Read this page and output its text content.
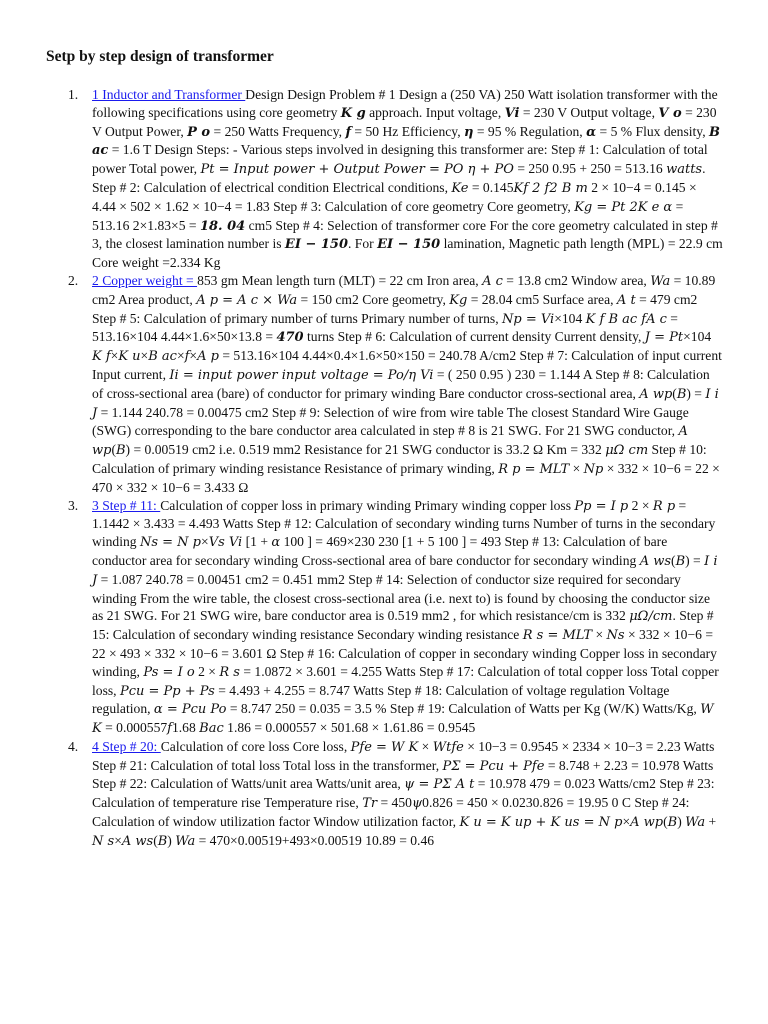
Setp by step design of transformer
1. 1 Inductor and Transformer Design Design Problem # 1 Design a (250 VA) 250 Watt isolation transformer with the following specifications using core geometry K g approach. Input voltage, Vi = 230 V Output voltage, V o = 230 V Output Power, P o = 250 Watts Frequency, f = 50 Hz Efficiency, η = 95 % Regulation, α = 5 % Flux density, B ac = 1.6 T Design Steps: - Various steps involved in designing this transformer are: Step # 1: Calculation of total power Total power, Pt = Input power + Output Power = PO η + PO = 250 0.95 + 250 = 513.16 watts. Step # 2: Calculation of electrical condition Electrical conditions, Ke = 0.145Kf 2 f2 B m 2 × 10−4 = 0.145 × 4.44 × 502 × 1.62 × 10−4 = 1.83 Step # 3: Calculation of core geometry Core geometry, Kg = Pt 2K e α = 513.16 2×1.83×5 = 18. 04 cm5 Step # 4: Selection of transformer core For the core geometry calculated in step # 3, the closest lamination number is EI − 150. For EI − 150 lamination, Magnetic path length (MPL) = 22.9 cm Core weight =2.334 Kg
2. 2 Copper weight = 853 gm Mean length turn (MLT) = 22 cm Iron area, A c = 13.8 cm2 Window area, Wa = 10.89 cm2 Area product, A p = A c × Wa = 150 cm2 Core geometry, Kg = 28.04 cm5 Surface area, A t = 479 cm2 Step # 5: Calculation of primary number of turns Primary number of turns, Np = Vi×104 K f B ac fA c = 513.16×104 4.44×1.6×50×13.8 = 470 turns Step # 6: Calculation of current density Current density, J = Pt×104 K f×K u×B ac×f×A p = 513.16×104 4.44×0.4×1.6×50×150 = 240.78 A/cm2 Step # 7: Calculation of input current Input current, Ii = input power input voltage = Po/η Vi = ( 250 0.95 ) 230 = 1.144 A Step # 8: Calculation of cross-sectional area (bare) of conductor for primary winding Bare conductor cross-sectional area, A wp(B) = I i J = 1.144 240.78 = 0.00475 cm2 Step # 9: Selection of wire from wire table The closest Standard Wire Gauge (SWG) corresponding to the bare conductor area calculated in step # 8 is 21 SWG. For 21 SWG conductor, A wp(B) = 0.00519 cm2 i.e. 0.519 mm2 Resistance for 21 SWG conductor is 33.2 Ω Km = 332 μΩ cm Step # 10: Calculation of primary winding resistance Resistance of primary winding, R p = MLT × Np × 332 × 10−6 = 22 × 470 × 332 × 10−6 = 3.433 Ω
3. 3 Step # 11: Calculation of copper loss in primary winding Primary winding copper loss Pp = I p 2 × R p = 1.1442 × 3.433 = 4.493 Watts Step # 12: Calculation of secondary winding turns Number of turns in the secondary winding Ns = N p×Vs Vi [1 + α 100 ] = 469×230 230 [1 + 5 100 ] = 493 Step # 13: Calculation of bare conductor area for secondary winding Cross-sectional area of bare conductor for secondary winding A ws(B) = I i J = 1.087 240.78 = 0.00451 cm2 = 0.451 mm2 Step # 14: Selection of conductor size required for secondary winding From the wire table, the closest cross-sectional area (i.e. next to) is found by choosing the conductor size as 21 SWG. For 21 SWG wire, bare conductor area is 0.519 mm2 , for which resistance/cm is 332 μΩ/cm. Step # 15: Calculation of secondary winding resistance Secondary winding resistance R s = MLT × Ns × 332 × 10−6 = 22 × 493 × 332 × 10−6 = 3.601 Ω Step # 16: Calculation of copper in secondary winding Copper loss in secondary winding, Ps = I o 2 × R s = 1.0872 × 3.601 = 4.255 Watts Step # 17: Calculation of total copper loss Total copper loss, Pcu = Pp + Ps = 4.493 + 4.255 = 8.747 Watts Step # 18: Calculation of voltage regulation Voltage regulation, α = Pcu Po = 8.747 250 = 0.035 = 3.5 % Step # 19: Calculation of Watts per Kg (W/K) Watts/Kg, W K = 0.000557f1.68 Bac 1.86 = 0.000557 × 501.68 × 1.61.86 = 0.9545
4. 4 Step # 20: Calculation of core loss Core loss, Pfe = W K × Wtfe × 10−3 = 0.9545 × 2334 × 10−3 = 2.23 Watts Step # 21: Calculation of total loss Total loss in the transformer, PΣ = Pcu + Pfe = 8.748 + 2.23 = 10.978 Watts Step # 22: Calculation of Watts/unit area Watts/unit area, ψ = PΣ A t = 10.978 479 = 0.023 Watts/cm2 Step # 23: Calculation of temperature rise Temperature rise, Tr = 450ψ0.826 = 450 × 0.0230.826 = 19.95 0 C Step # 24: Calculation of window utilization factor Window utilization factor, K u = K up + K us = N p×A wp(B) Wa + N s×A ws(B) Wa = 470×0.00519+493×0.00519 10.89 = 0.46
